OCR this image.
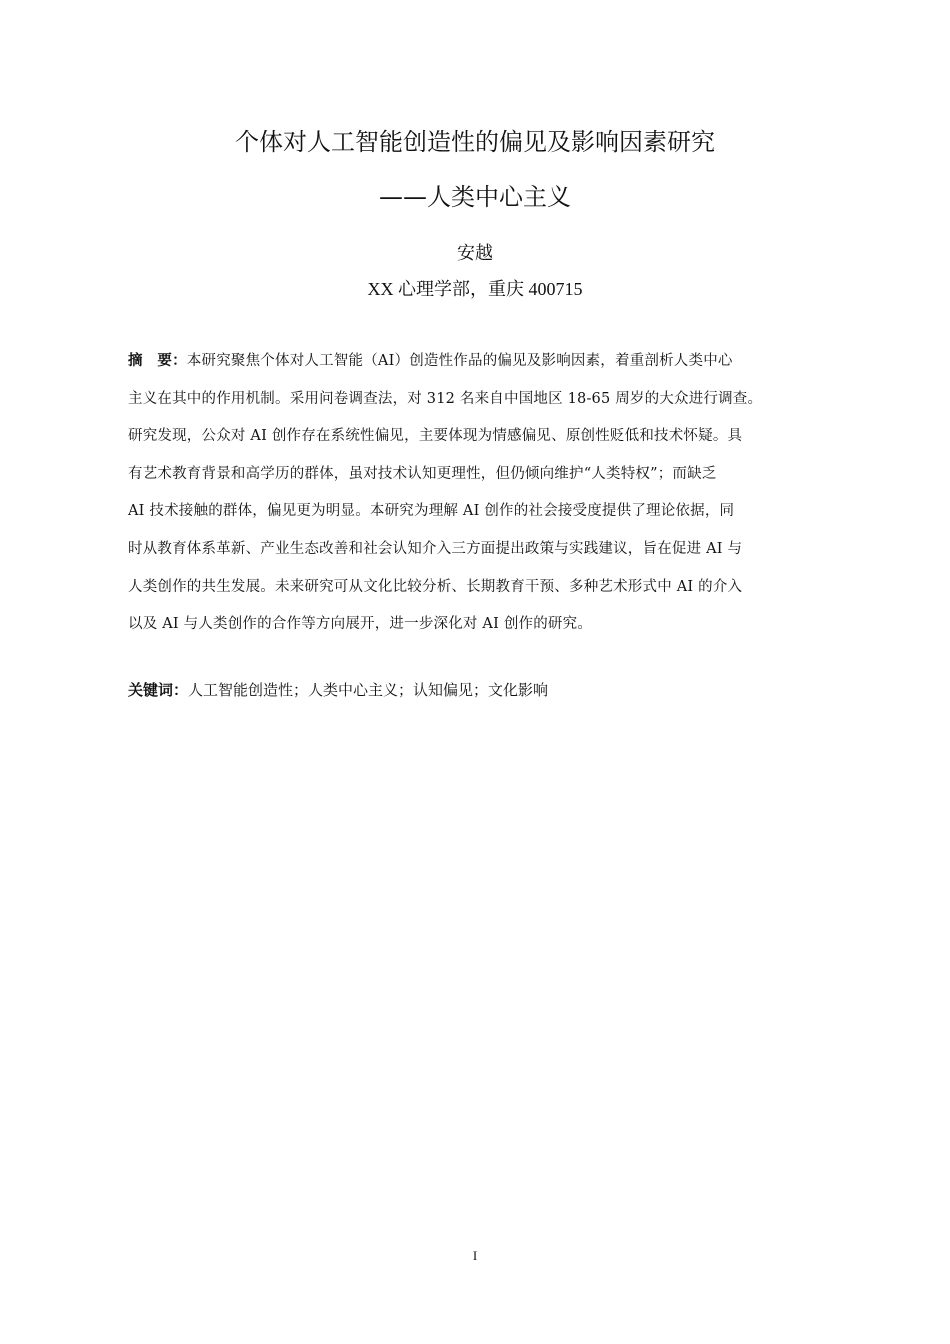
个体对人工智能创造性的偏见及影响因素研究
——人类中心主义
安越
XX 心理学部，重庆 400715
摘　要：本研究聚焦个体对人工智能（AI）创造性作品的偏见及影响因素，着重剖析人类中心
主义在其中的作用机制。采用问卷调查法，对 312 名来自中国地区 18-65 周岁的大众进行调查。
研究发现，公众对 AI 创作存在系统性偏见，主要体现为情感偏见、原创性贬低和技术怀疑。具
有艺术教育背景和高学历的群体，虽对技术认知更理性，但仍倾向维护“人类特权”；而缺乏
AI 技术接触的群体，偏见更为明显。本研究为理解 AI 创作的社会接受度提供了理论依据，同
时从教育体系革新、产业生态改善和社会认知介入三方面提出政策与实践建议，旨在促进 AI 与
人类创作的共生发展。未来研究可从文化比较分析、长期教育干预、多种艺术形式中 AI 的介入
以及 AI 与人类创作的合作等方向展开，进一步深化对 AI 创作的研究。
关键词：人工智能创造性；人类中心主义；认知偏见；文化影响
I
